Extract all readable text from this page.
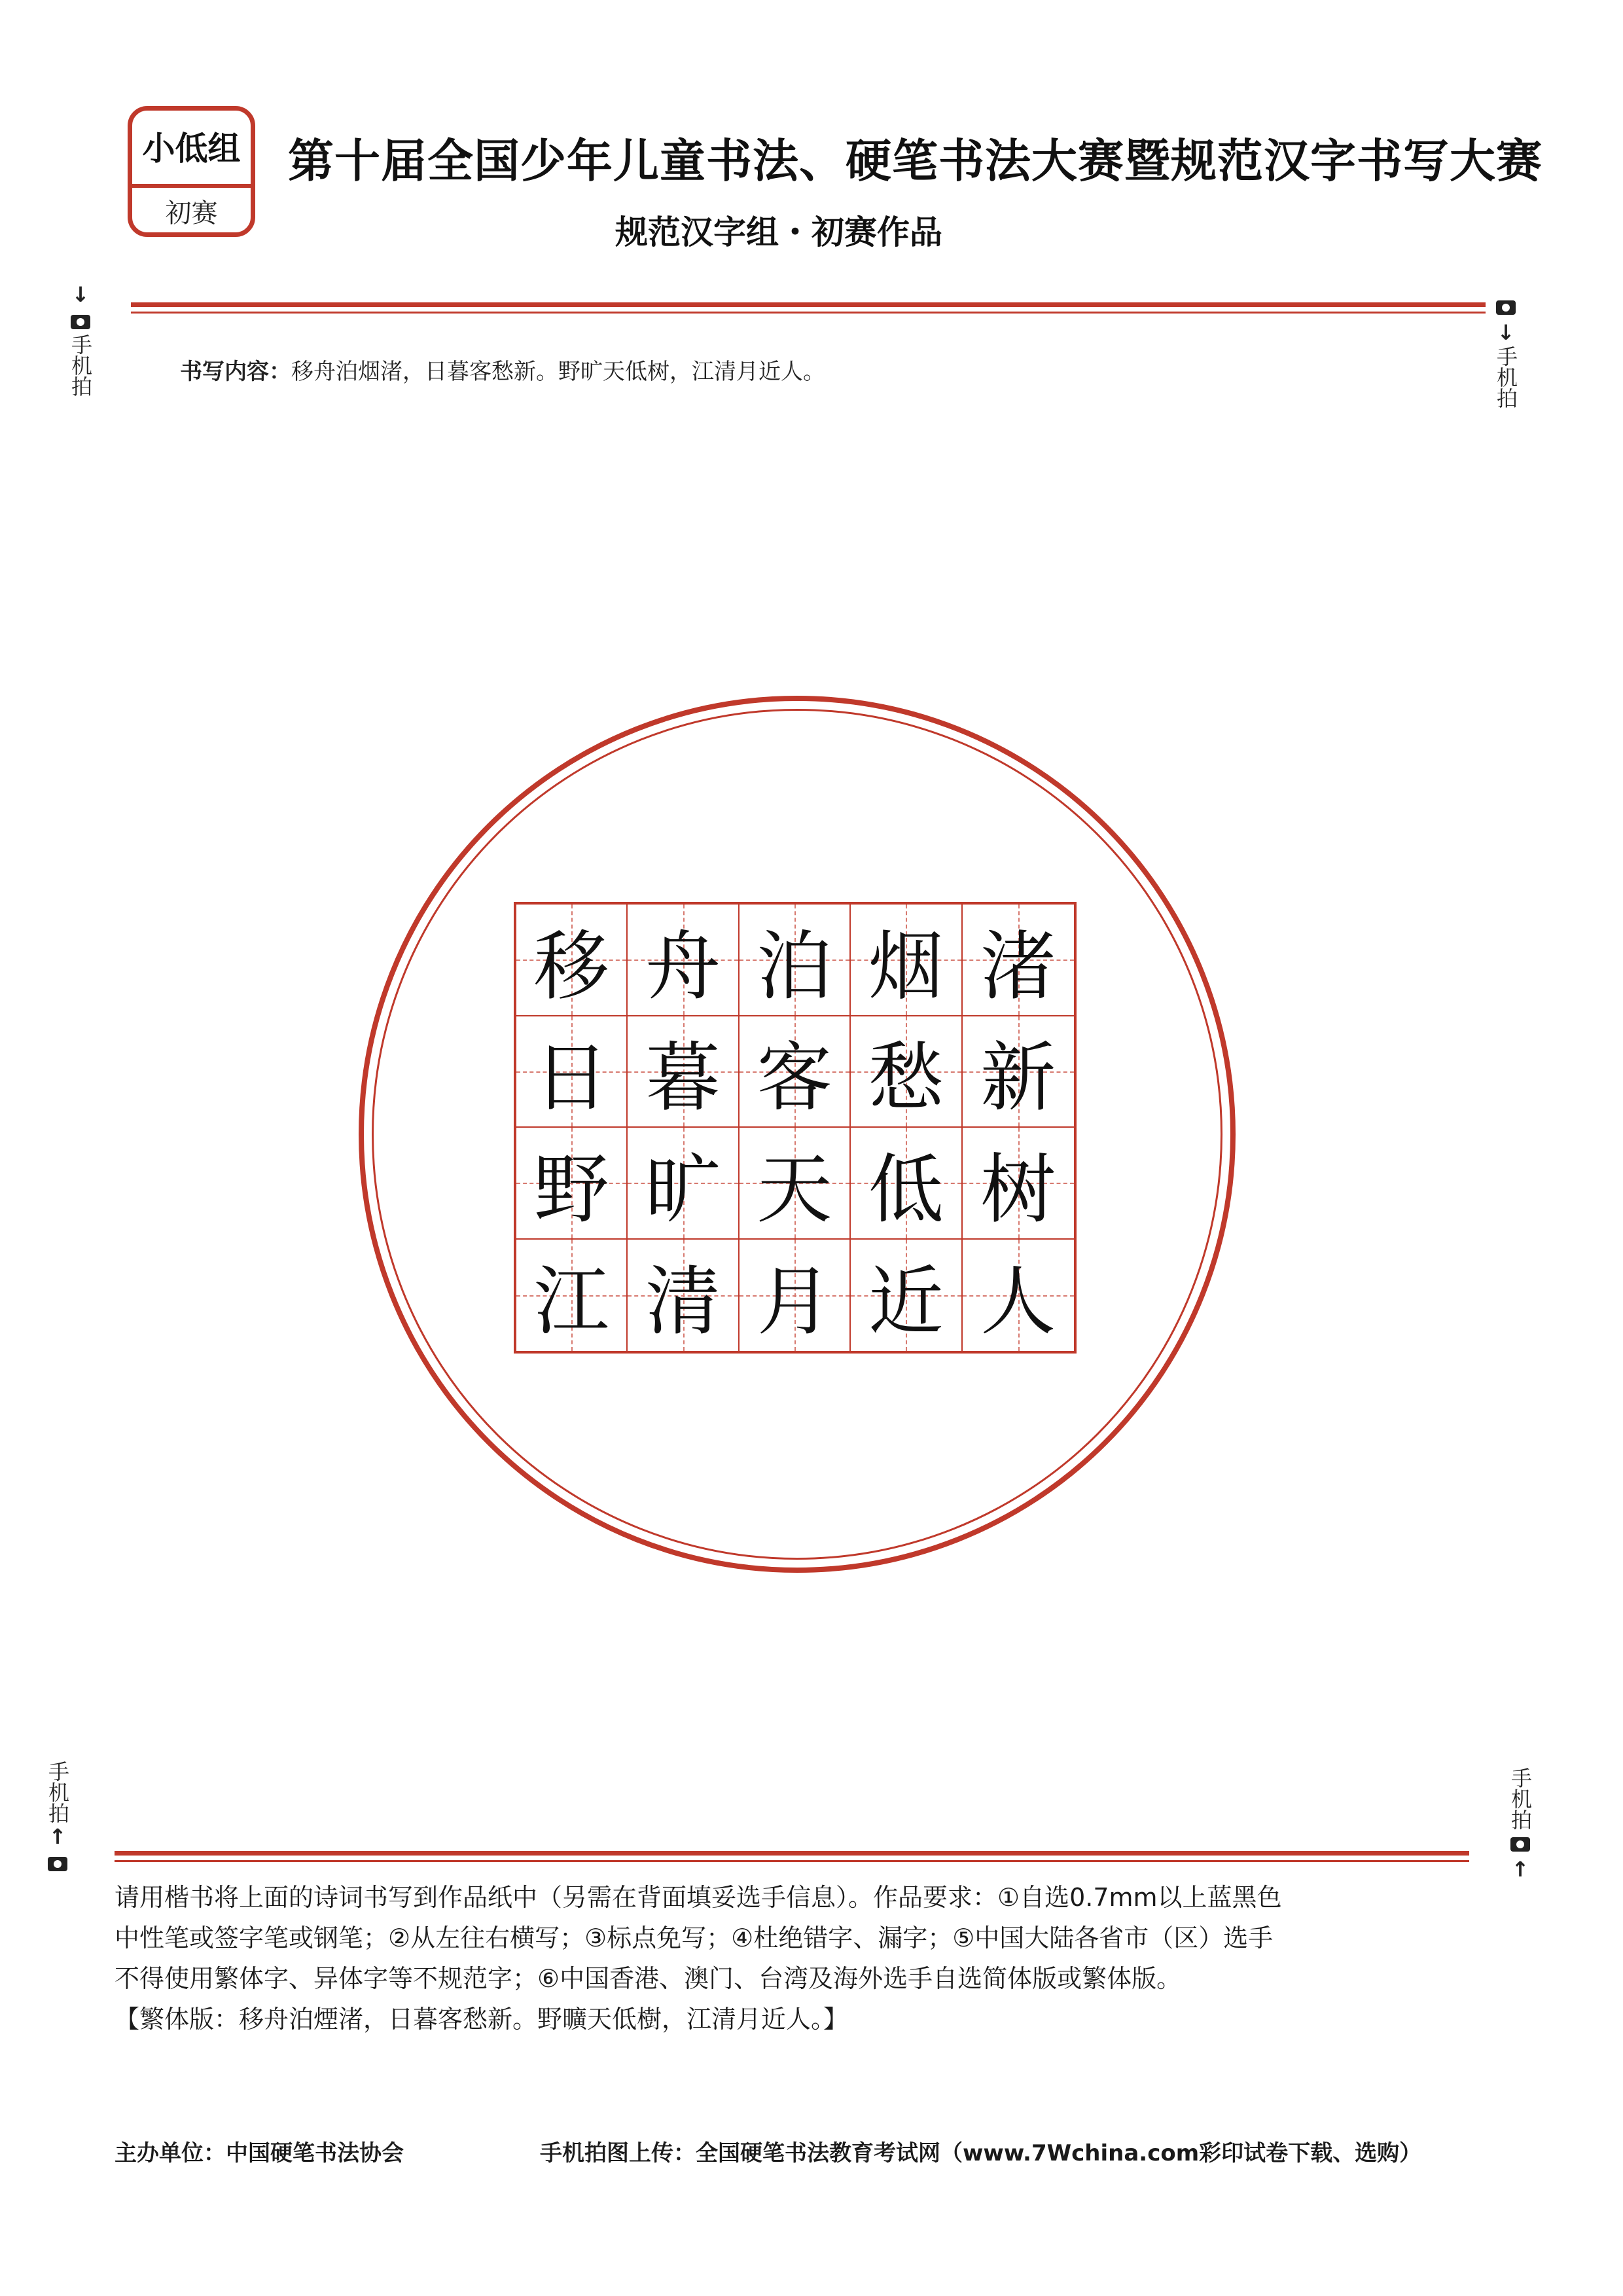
小低组
初赛
第十届全国少年儿童书法、硬笔书法大赛暨规范汉字书写大赛
规范汉字组・初赛作品
↓
手机拍
↓
手机拍
书写内容：移舟泊烟渚，日暮客愁新。野旷天低树，江清月近人。
移 舟 泊 烟 渚
日 暮 客 愁 新
野 旷 天 低 树
江 清 月 近 人
手机拍
↑
手机拍
↑

请用楷书将上面的诗词书写到作品纸中（另需在背面填妥选手信息）。作品要求：①自选0.7mm以上蓝黑色

中性笔或签字笔或钢笔；②从左往右横写；③标点免写；④杜绝错字、漏字；⑤中国大陆各省市（区）选手

不得使用繁体字、异体字等不规范字；⑥中国香港、澳门、台湾及海外选手自选简体版或繁体版。

【繁体版：移舟泊煙渚，日暮客愁新。野曠天低樹，江清月近人。】

主办单位：中国硬笔书法协会	手机拍图上传：全国硬笔书法教育考试网（www.7Wchina.com彩印试卷下载、选购）
